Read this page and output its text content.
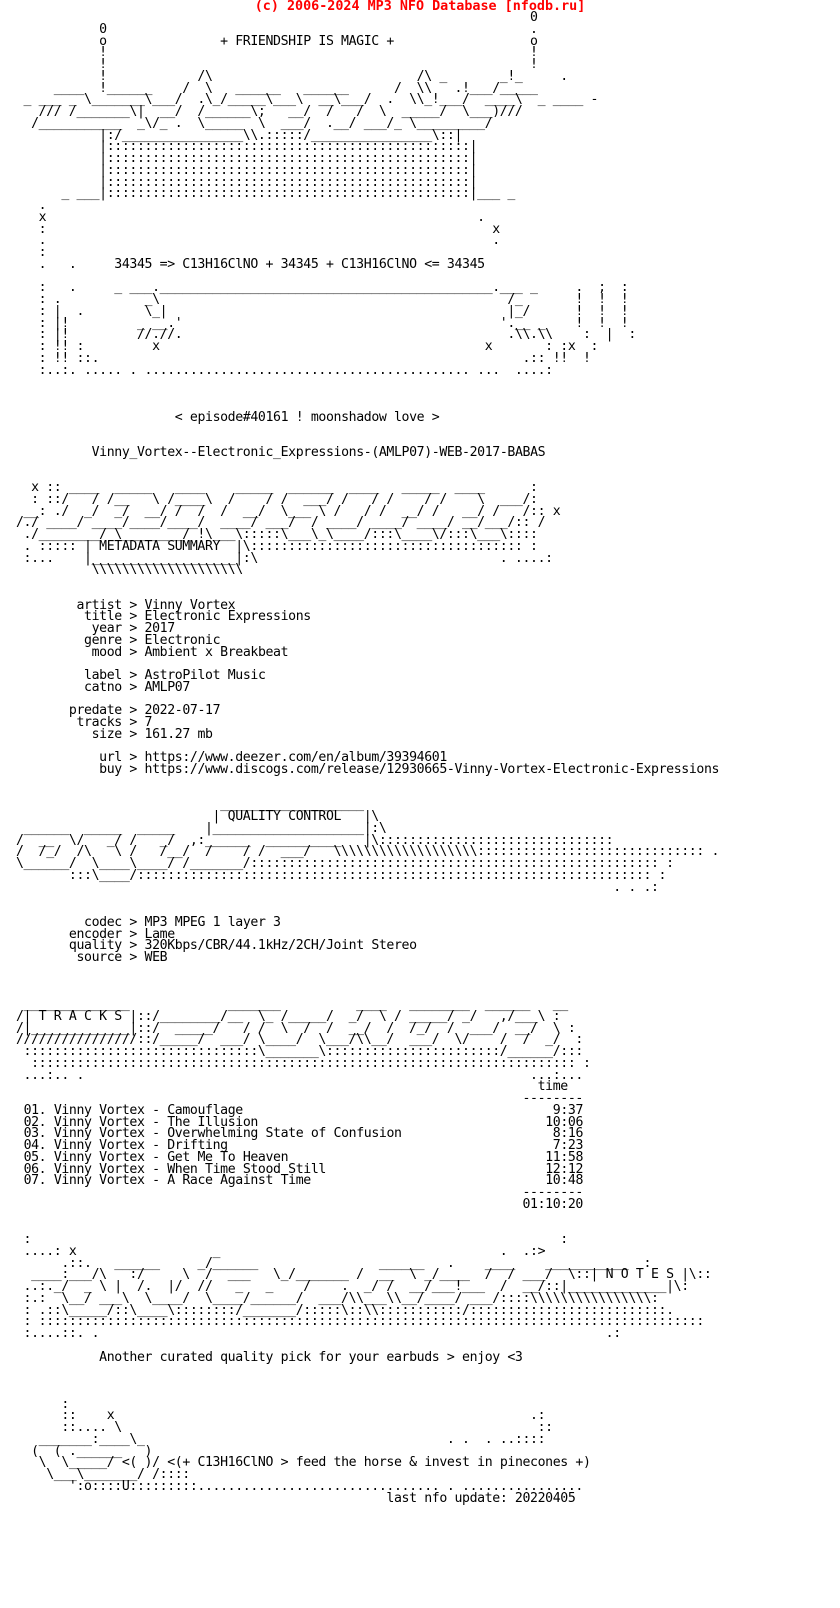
(c) 2006-2024 MP3 NFO Database [nfodb.ru]
0
0                                                        .
o               + FRIENDSHIP IS MAGIC +                  o
!                                                        !
!                                                        !
!            /\                           /\ _       _!_     .
____  !______    /  \   ______   ______      /  \\   .!___/_____
_ ___ _ \_______\___/  .\_/_____\___\  __\___/  .  \\_!___/  ____\  _ ____ -
/// /_______\|  __/  /______\;   __/  /   /  \  _____/  \___)///
/___________  _\/_ .  \_____  \  ___/  .__/ ___/_ \_________/
|:/________________\\.:::::/________________\::|
|::::::::::::::::::::::::::::::::::::::::::::::::|
|::::::::::::::::::::::::::::::::::::::::::::::::|
|::::::::::::::::::::::::::::::::::::::::::::::::|
|::::::::::::::::::::::::::::::::::::::::::::::::|
_ ___|::::::::::::::::::::::::::::::::::::::::::::::::|___ _
.
x                                                         .
:                                                           x
.                                                           .
:
.   .     34345 => C13H16ClNO + 34345 + C13H16ClNO <= 34345

:   .     _ ___.____________________________________________.___ _     .  ;  :
: .           _\                                              /_       !  !  !
: |  .        \_|                                             |_/      !  !  !
: |!         _ __.'                                          '.__ _    !  !  !
: |!         //.//.                                           .\\.\\    :  |  :
: !! :         x                                           x       : :x  :
: !! ::.                                                        .:: !!  !
:..:. ..... . ........................................... ...  ....:

< episode#40161 ! moonshadow love >

Vinny_Vortex--Electronic_Expressions-(AMLP07)-WEB-2017-BABAS

x :: ____  _____   ____    _____  ______  ____   _____  ____      :
: ::/   / /__   \ /____\  /    / /  ___/ /   / /    / /    \  ___/:
__: ./  _/  _/  __/ /  /  /  __/  \___ \ /   / /  __/ /   __/ /   /:: x
/./ ____/ ____/____/____/  ____/ ___/  / ____/ ____/ ____/ __/___/:: /
./________/ \________/ !\___\:::::\___\_\____/:::\____\/:::\___\::::
. ::::: | METADATA SUMMARY  |\:::::::::::::::::::::::::::::::::::: :
:...    |___________________|:\                                . ....:
\\\\\\\\\\\\\\\\\\\\

artist > Vinny Vortex
title > Electronic Expressions
year > 2017
genre > Electronic
mood > Ambient x Breakbeat

label > AstroPilot Music
catno > AMLP07

predate > 2022-07-17
tracks > 7
size > 161.27 mb

url > https://www.deezer.com/en/album/39394601
buy > https://www.discogs.com/release/12930665-Vinny-Vortex-Electronic-Expressions

___________________
| QUALITY CONTROL   |\
______  _____  _____    |____________________|:\
/  __  \/   _/ /   _/  ,:______  __________   |\:::::::::::::::::::::::::::::::
/  /_/  /\   \ /   /__/  /    / /  ___/   \\\\\\\\\\\\\\\\\\\:::::::::::::::::::::::::::::: .
\______/  \____\____/ /_______/:::::::::::::::::::::::::::::::::::::::::::::::::::::: :
:::\____/:::::::::::::::::::::::::::::::::::::::::::::::::::::::::::::::::::: :
. . .:

codec > MP3 MPEG 1 layer 3
encoder > Lame
quality > 320Kbps/CBR/44.1kHz/2CH/Joint Stereo
source > WEB

______________             _______          ____   ________  ______   __
/| T R A C K S |::/________/__  \_ /_____/  _/  \ / _____/ _/   ,/___\ :
/|_____________|::/  _____/   / /  \  /  /  __/  /  /_/  /  ___/  __/  \ :
////////////////::/_____/  ___/ \____/  \___/\\__/  ___/  \/    /  /  _/  :
:::::::::::::::::::::::::::::::\_______\:::::::::::::::::::::::/______/:::
:::::::::::::::::::::::::::::::::::::::::::::::::::::::::::::::::::::::: :
...:.. .                                                           ...:...
time
--------
01. Vinny Vortex - Camouflage	9:37
02. Vinny Vortex - The Illusion	10:06
03. Vinny Vortex - Overwhelming State of Confusion	8:16
04. Vinny Vortex - Drifting	7:23
05. Vinny Vortex - Get Me To Heaven	11:58
06. Vinny Vortex - When Time Stood Still	12:12
07. Vinny Vortex - A Race Against Time	10:48
--------
01:10:20

:                                                                      :
....: x                  _                                     .  .:>
.::.   ______     _/______                ______   .    ____    ___________  :
____:___/\   :/     \  /  ___   \_/_______ /  __  \ _/____  /  / ___/  \::| N O T E S |\::
..:._/  _ \ |  /.  |/  //   _   _    /    .  _/ /  __/___!___  /  __/::|_____________|\:
:.:  \__/ ___\  \____/  \____/______/  ___/\\___\\__/____/ ___/::::\\\\\\\\\\\\\\\\:
: .::\_____/::\____\::::::::/_______/:::::\::\\:::::::::::/::::::::::::::::::::::::::.
: ::::::::::::::::::::::::::::::::::::::::::::::::::::::::::::::::::::::::::::::::::::::::
:....::. .                                                                   .:

Another curated quality pick for your earbuds > enjoy <3

:
::    x                                                       .:
::.... \                                                       ::
_______:____\_                                        . .  . ..::::
(  ( .______   )
\  \_____/ <( )/ <(+ C13H16ClNO > feed the horse & invest in pinecones +)
\___\_______/ /::::
':o::::U:::::::::................................ . ................
last nfo update: 20220405
